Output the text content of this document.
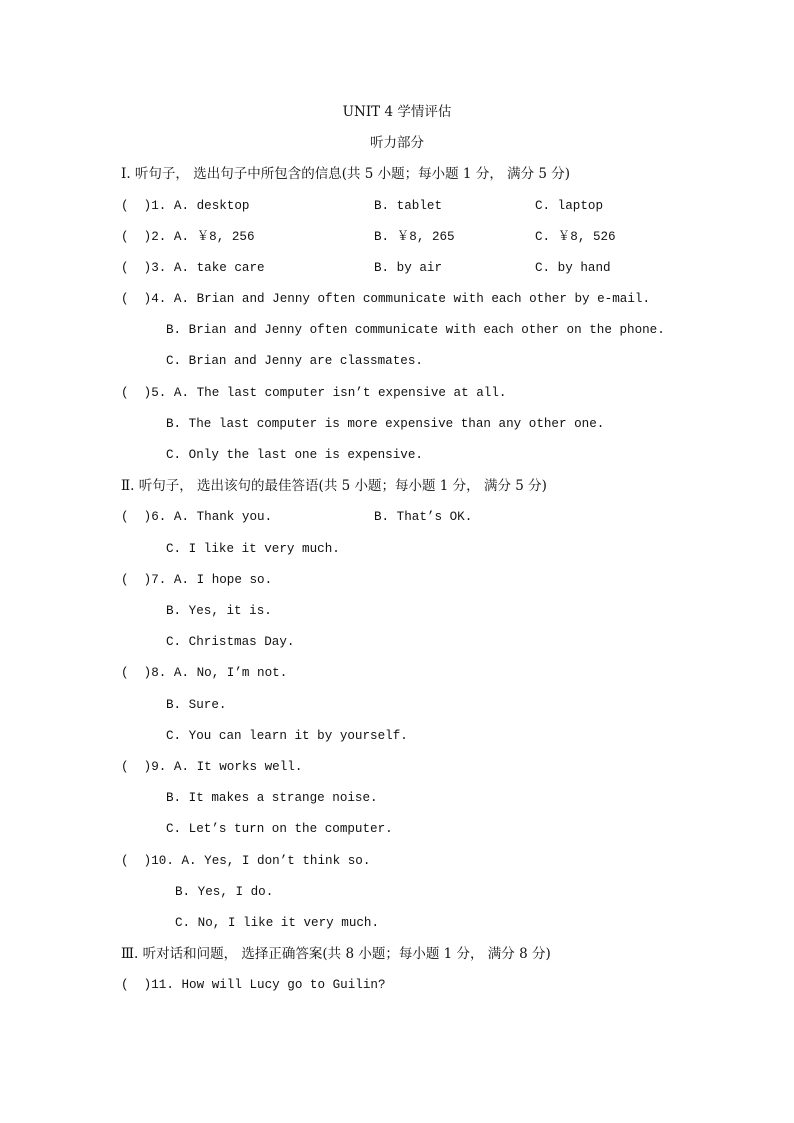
UNIT 4 学情评估
听力部分
Ⅰ. 听句子， 选出句子中所包含的信息(共 5 小题；每小题 1 分， 满分 5 分)
(  )1. A. desktop	B. tablet	C. laptop
(  )2. A. ￥8, 256	B. ￥8, 265	C. ￥8, 526
(  )3. A. take care	B. by air	C. by hand
(  )4. A. Brian and Jenny often communicate with each other by e-mail.
B. Brian and Jenny often communicate with each other on the phone.
C. Brian and Jenny are classmates.
(  )5. A. The last computer isn’t expensive at all.
B. The last computer is more expensive than any other one.
C. Only the last one is expensive.
Ⅱ. 听句子， 选出该句的最佳答语(共 5 小题；每小题 1 分， 满分 5 分)
(  )6. A. Thank you.	B. That’s OK.
C. I like it very much.
(  )7. A. I hope so.
B. Yes, it is.
C. Christmas Day.
(  )8. A. No, I’m not.
B. Sure.
C. You can learn it by yourself.
(  )9. A. It works well.
B. It makes a strange noise.
C. Let’s turn on the computer.
(  )10. A. Yes, I don’t think so.
B. Yes, I do.
C. No, I like it very much.
Ⅲ. 听对话和问题， 选择正确答案(共 8 小题；每小题 1 分， 满分 8 分)
(  )11. How will Lucy go to Guilin?
